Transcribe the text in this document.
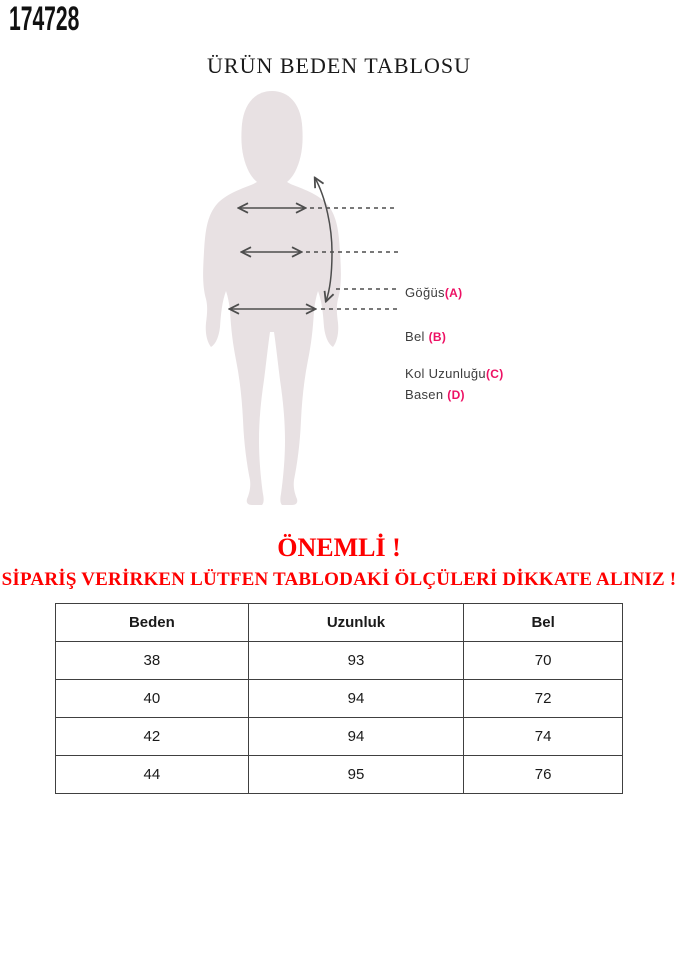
174728
ÜRÜN BEDEN TABLOSU
Göğüs(A)
Bel (B)
Kol Uzunluğu(C)
Basen (D)
ÖNEMLİ !
SİPARİŞ VERİRKEN LÜTFEN TABLODAKİ ÖLÇÜLERİ DİKKATE ALINIZ !
Beden	Uzunluk	Bel
38	93	70
40	94	72
42	94	74
44	95	76
